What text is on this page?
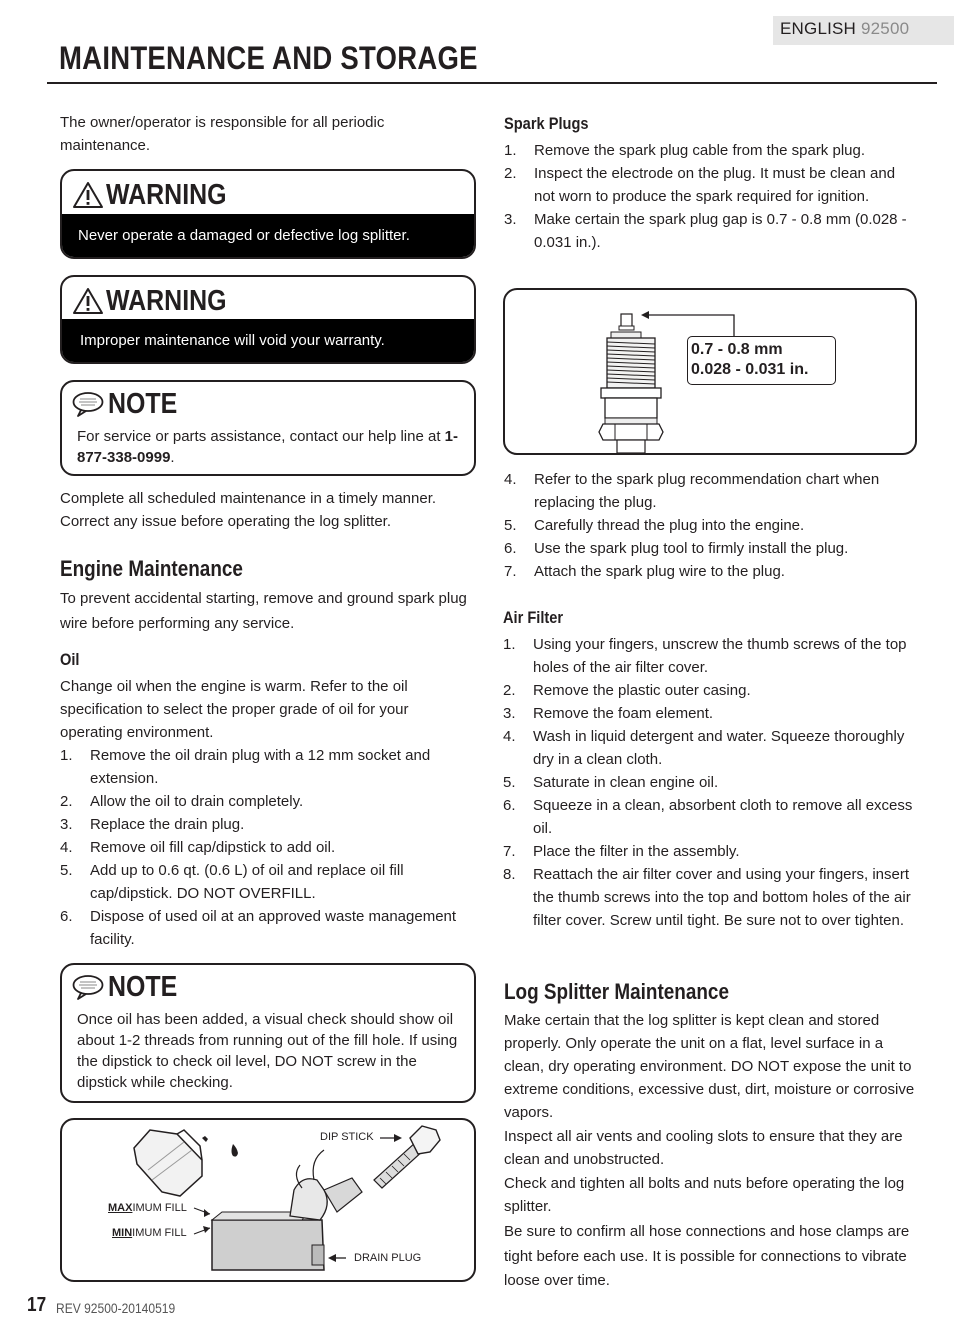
ENGLISH 92500
MAINTENANCE AND STORAGE
The owner/operator is responsible for all periodic maintenance.
WARNING
Never operate a damaged or defective log splitter.
WARNING
Improper maintenance will void your warranty.
NOTE
For service or parts assistance, contact our help line at 1-877-338-0999.
Complete all scheduled maintenance in a timely manner. Correct any issue before operating the log splitter.
Engine Maintenance
To prevent accidental starting, remove and ground spark plug wire before performing any service.
Oil
Change oil when the engine is warm. Refer to the oil specification to select the proper grade of oil for your operating environment.
1. Remove the oil drain plug with a 12 mm socket and extension.
2. Allow the oil to drain completely.
3. Replace the drain plug.
4. Remove oil fill cap/dipstick to add oil.
5. Add up to 0.6 qt. (0.6 L) of oil and replace oil fill cap/dipstick. DO NOT OVERFILL.
6. Dispose of used oil at an approved waste management facility.
NOTE
Once oil has been added, a visual check should show oil about 1-2 threads from running out of the fill hole. If using the dipstick to check oil level, DO NOT screw in the dipstick while checking.
DIP STICK
MAXIMUM FILL
MINIMUM FILL
DRAIN PLUG
Spark Plugs
1. Remove the spark plug cable from the spark plug.
2. Inspect the electrode on the plug. It must be clean and not worn to produce the spark required for ignition.
3. Make certain the spark plug gap is 0.7 - 0.8 mm (0.028 - 0.031 in.).
0.7 - 0.8 mm
0.028 - 0.031 in.
4. Refer to the spark plug recommendation chart when replacing the plug.
5. Carefully thread the plug into the engine.
6. Use the spark plug tool to firmly install the plug.
7. Attach the spark plug wire to the plug.
Air Filter
1. Using your fingers, unscrew the thumb screws of the top holes of the air filter cover.
2. Remove the plastic outer casing.
3. Remove the foam element.
4. Wash in liquid detergent and water. Squeeze thoroughly dry in a clean cloth.
5. Saturate in clean engine oil.
6. Squeeze in a clean, absorbent cloth to remove all excess oil.
7. Place the filter in the assembly.
8. Reattach the air filter cover and using your fingers, insert the thumb screws into the top and bottom holes of the air filter cover. Screw until tight. Be sure not to over tighten.
Log Splitter Maintenance
Make certain that the log splitter is kept clean and stored properly. Only operate the unit on a flat, level surface in a clean, dry operating environment. DO NOT expose the unit to extreme conditions, excessive dust, dirt, moisture or corrosive vapors.
Inspect all air vents and cooling slots to ensure that they are clean and unobstructed.
Check and tighten all bolts and nuts before operating the log splitter.
Be sure to confirm all hose connections and hose clamps are tight before each use. It is possible for connections to vibrate loose over time.
17 REV 92500-20140519
